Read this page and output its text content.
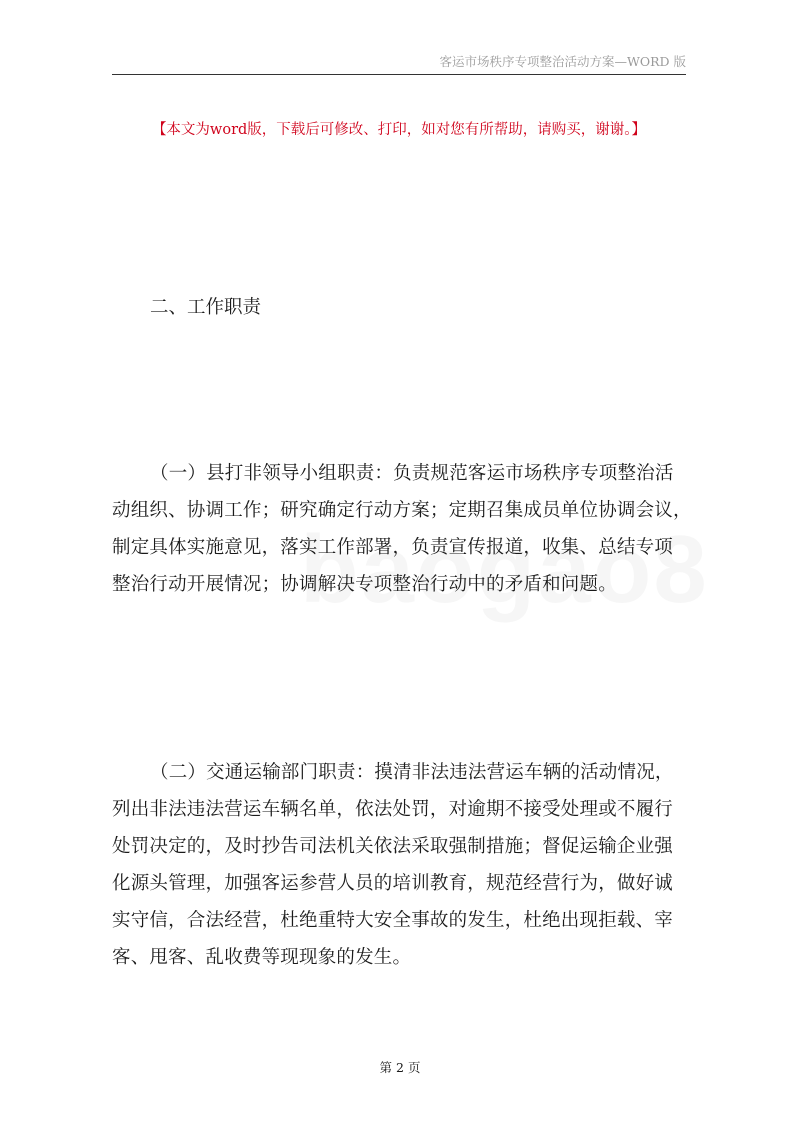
客运市场秩序专项整治活动方案—WORD 版
【本文为word版，下载后可修改、打印，如对您有所帮助，请购买，谢谢。】
二、工作职责
（一）县打非领导小组职责：负责规范客运市场秩序专项整治活
动组织、协调工作；研究确定行动方案；定期召集成员单位协调会议，
制定具体实施意见，落实工作部署，负责宣传报道，收集、总结专项
整治行动开展情况；协调解决专项整治行动中的矛盾和问题。
（二）交通运输部门职责：摸清非法违法营运车辆的活动情况，
列出非法违法营运车辆名单，依法处罚，对逾期不接受处理或不履行
处罚决定的，及时抄告司法机关依法采取强制措施；督促运输企业强
化源头管理，加强客运参营人员的培训教育，规范经营行为，做好诚
实守信，合法经营，杜绝重特大安全事故的发生，杜绝出现拒载、宰
客、甩客、乱收费等现现象的发生。
第 2 页
